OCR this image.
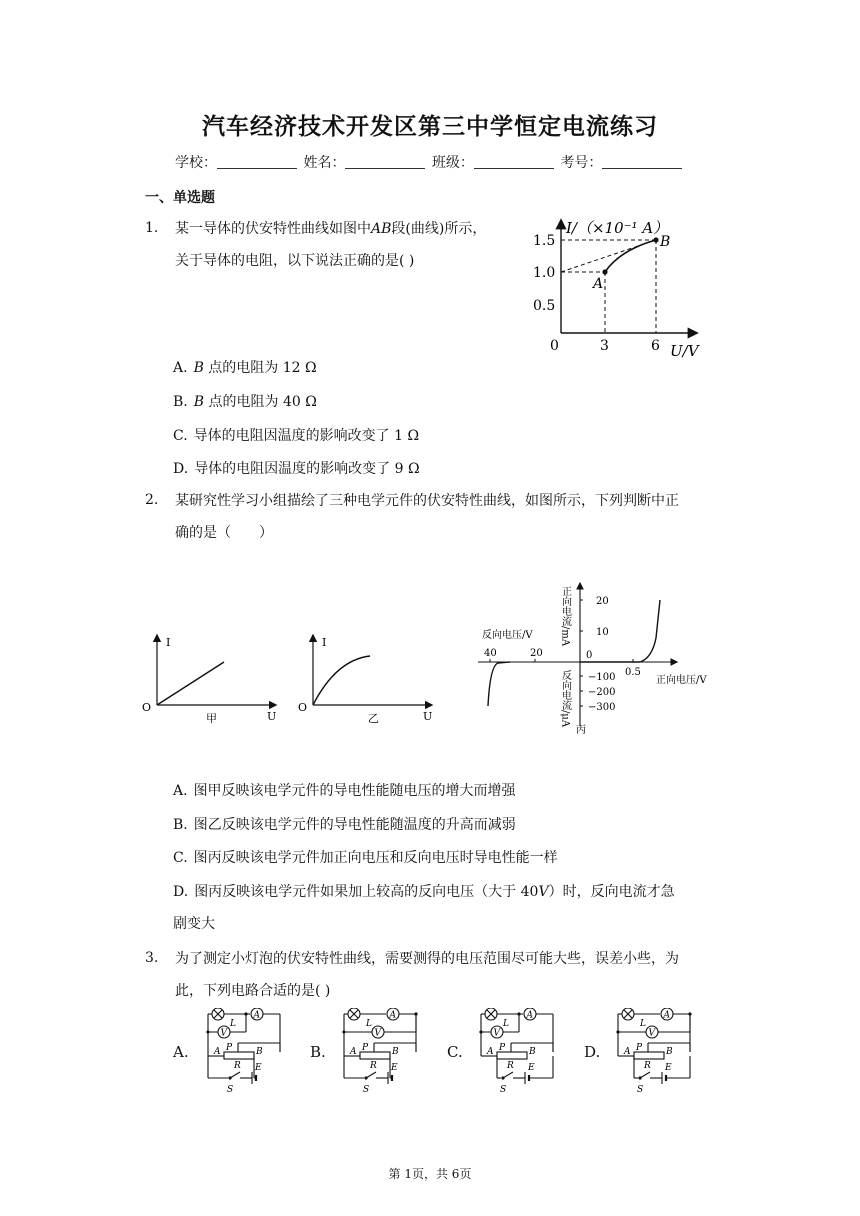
汽车经济技术开发区第三中学恒定电流练习
学校：	姓名：	班级：	考号：
一、单选题
1. 某一导体的伏安特性曲线如图中AB段(曲线)所示，
关于导体的电阻，以下说法正确的是( )
I/（×10⁻¹ A）
U/V
0
1.5
1.0
0.5
3	6
A
B
A. B 点的电阻为 12 Ω
B. B 点的电阻为 40 Ω
C. 导体的电阻因温度的影响改变了 1 Ω
D. 导体的电阻因温度的影响改变了 9 Ω
2. 某研究性学习小组描绘了三种电学元件的伏安特性曲线，如图所示，下列判断中正
确的是（　　）
I
O
U
甲
I
O
U
乙
正向电流/mA
反向电流/μA
反向电压/V
正向电压/V
20
10
0
−100
−200
−300
40	20
0.5
丙
A. 图甲反映该电学元件的导电性能随电压的增大而增强
B. 图乙反映该电学元件的导电性能随温度的升高而减弱
C. 图丙反映该电学元件加正向电压和反向电压时导电性能一样
D. 图丙反映该电学元件如果加上较高的反向电压（大于 40V）时，反向电流才急
剧变大
3. 为了测定小灯泡的伏安特性曲线，需要测得的电压范围尽可能大些，误差小些，为
此，下列电路合适的是( )
A.	B.	C.	D.
L
A
V
A P	B
R
S
E
L
A
V
A P	B
R
S
E
L
A
V
A P	B
R
S
E
L
A
V
A P	B
R
S
E
第 1页，共 6页
